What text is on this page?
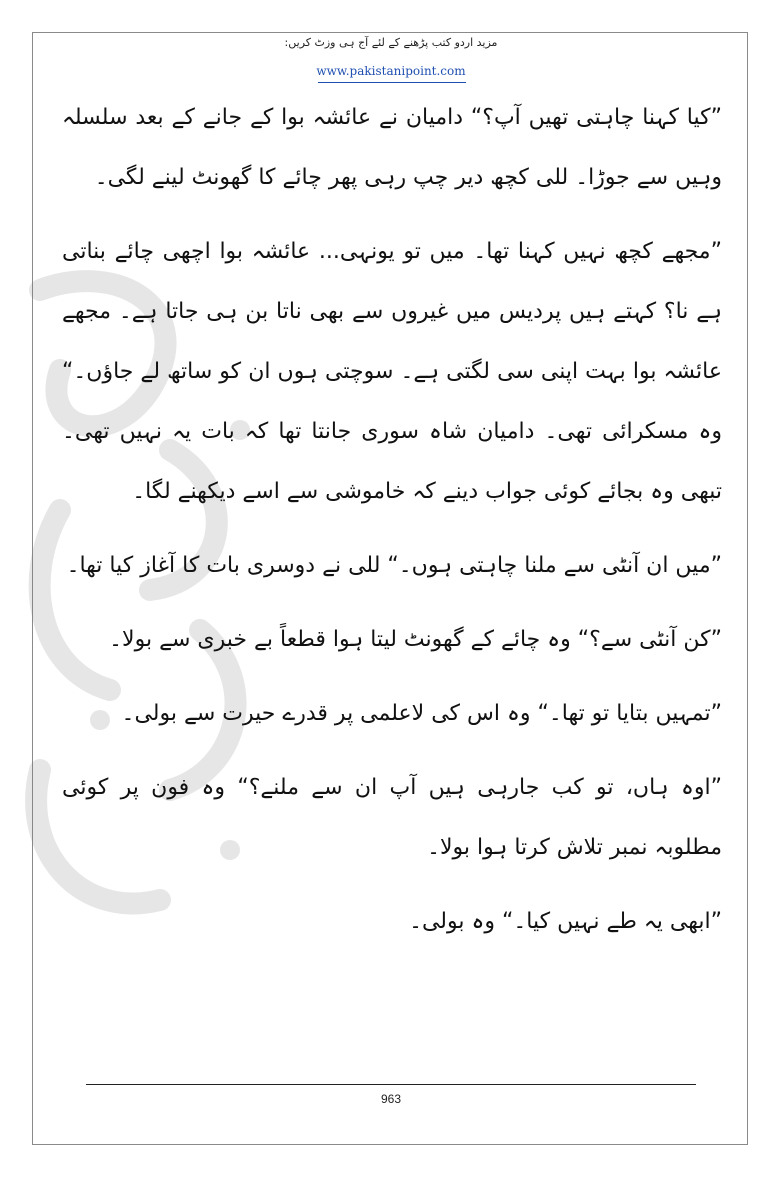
مزید اردو کتب پڑھنے کے لئے آج ہی وزٹ کریں:
www.pakistanipoint.com

”کیا کہنا چاہتی تھیں آپ؟“ دامیان نے عائشہ بوا کے جانے کے بعد سلسلہ وہیں سے جوڑا۔ للی کچھ دیر چپ رہی پھر چائے کا گھونٹ لینے لگی۔

”مجھے کچھ نہیں کہنا تھا۔ میں تو یونہی... عائشہ بوا اچھی چائے بناتی ہے نا؟ کہتے ہیں پردیس میں غیروں سے بھی ناتا بن ہی جاتا ہے۔ مجھے عائشہ بوا بہت اپنی سی لگتی ہے۔ سوچتی ہوں ان کو ساتھ لے جاؤں۔“ وہ مسکرائی تھی۔ دامیان شاہ سوری جانتا تھا کہ بات یہ نہیں تھی۔ تبھی وہ بجائے کوئی جواب دینے کہ خاموشی سے اسے دیکھنے لگا۔

”میں ان آنٹی سے ملنا چاہتی ہوں۔“ للی نے دوسری بات کا آغاز کیا تھا۔

”کن آنٹی سے؟“ وہ چائے کے گھونٹ لیتا ہوا قطعاً بے خبری سے بولا۔

”تمہیں بتایا تو تھا۔“ وہ اس کی لاعلمی پر قدرے حیرت سے بولی۔

”اوہ ہاں، تو کب جارہی ہیں آپ ان سے ملنے؟“ وہ فون پر کوئی مطلوبہ نمبر تلاش کرتا ہوا بولا۔

”ابھی یہ طے نہیں کیا۔“ وہ بولی۔

963
